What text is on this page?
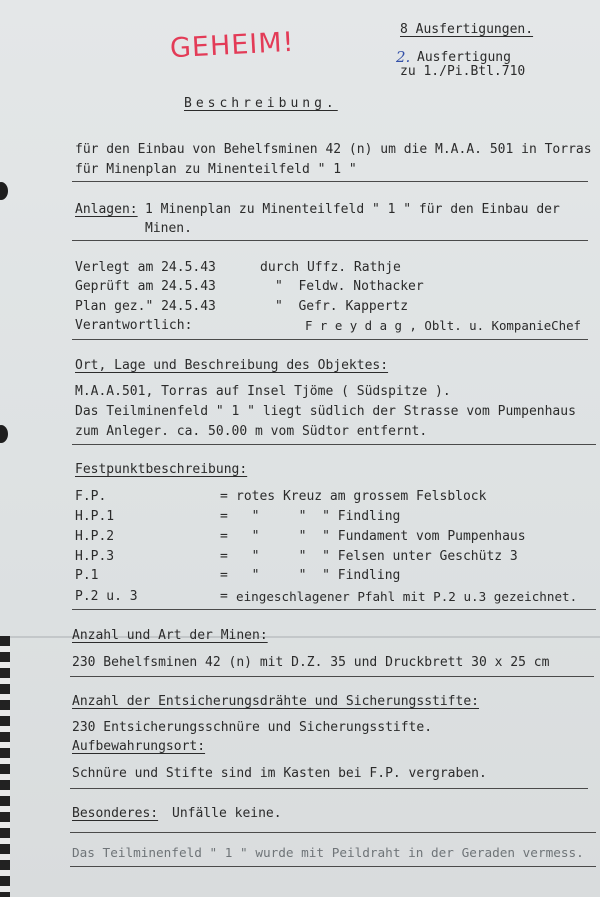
8 Ausfertigungen.
2. Ausfertigung
zu 1./Pi.Btl.710
GEHEIM!
Beschreibung.
für den Einbau von Behelfsminen 42 (n) um die M.A.A. 501 in Torras
für Minenplan zu Minenteilfeld " 1 "
Anlagen: 1 Minenplan zu Minenteilfeld " 1 " für den Einbau der
Minen.
Verlegt am 24.5.43	durch Uffz. Rathje
Geprüft am 24.5.43	"  Feldw. Nothacker
Plan gez." 24.5.43	"  Gefr. Kappertz
Verantwortlich:	F r e y d a g , Oblt. u. KompanieChef
Ort, Lage und Beschreibung des Objektes:
M.A.A.501, Torras auf Insel Tjöme ( Südspitze ).
Das Teilminenfeld " 1 " liegt südlich der Strasse vom Pumpenhaus
zum Anleger. ca. 50.00 m vom Südtor entfernt.
Festpunktbeschreibung:
F.P.	= rotes Kreuz am grossem Felsblock
H.P.1	= "     "  " Findling
H.P.2	= "     "  " Fundament vom Pumpenhaus
H.P.3	= "     "  " Felsen unter Geschütz 3
P.1	= "     "  " Findling
P.2 u. 3	= eingeschlagener Pfahl mit P.2 u.3 gezeichnet.
Anzahl und Art der Minen:
230 Behelfsminen 42 (n) mit D.Z. 35 und Druckbrett 30 x 25 cm
Anzahl der Entsicherungsdrähte und Sicherungsstifte:
230 Entsicherungsschnüre und Sicherungsstifte.
Aufbewahrungsort:
Schnüre und Stifte sind im Kasten bei F.P. vergraben.
Besonderes: Unfälle keine.
Das Teilminenfeld " 1 " wurde mit Peildraht in der Geraden vermess.
